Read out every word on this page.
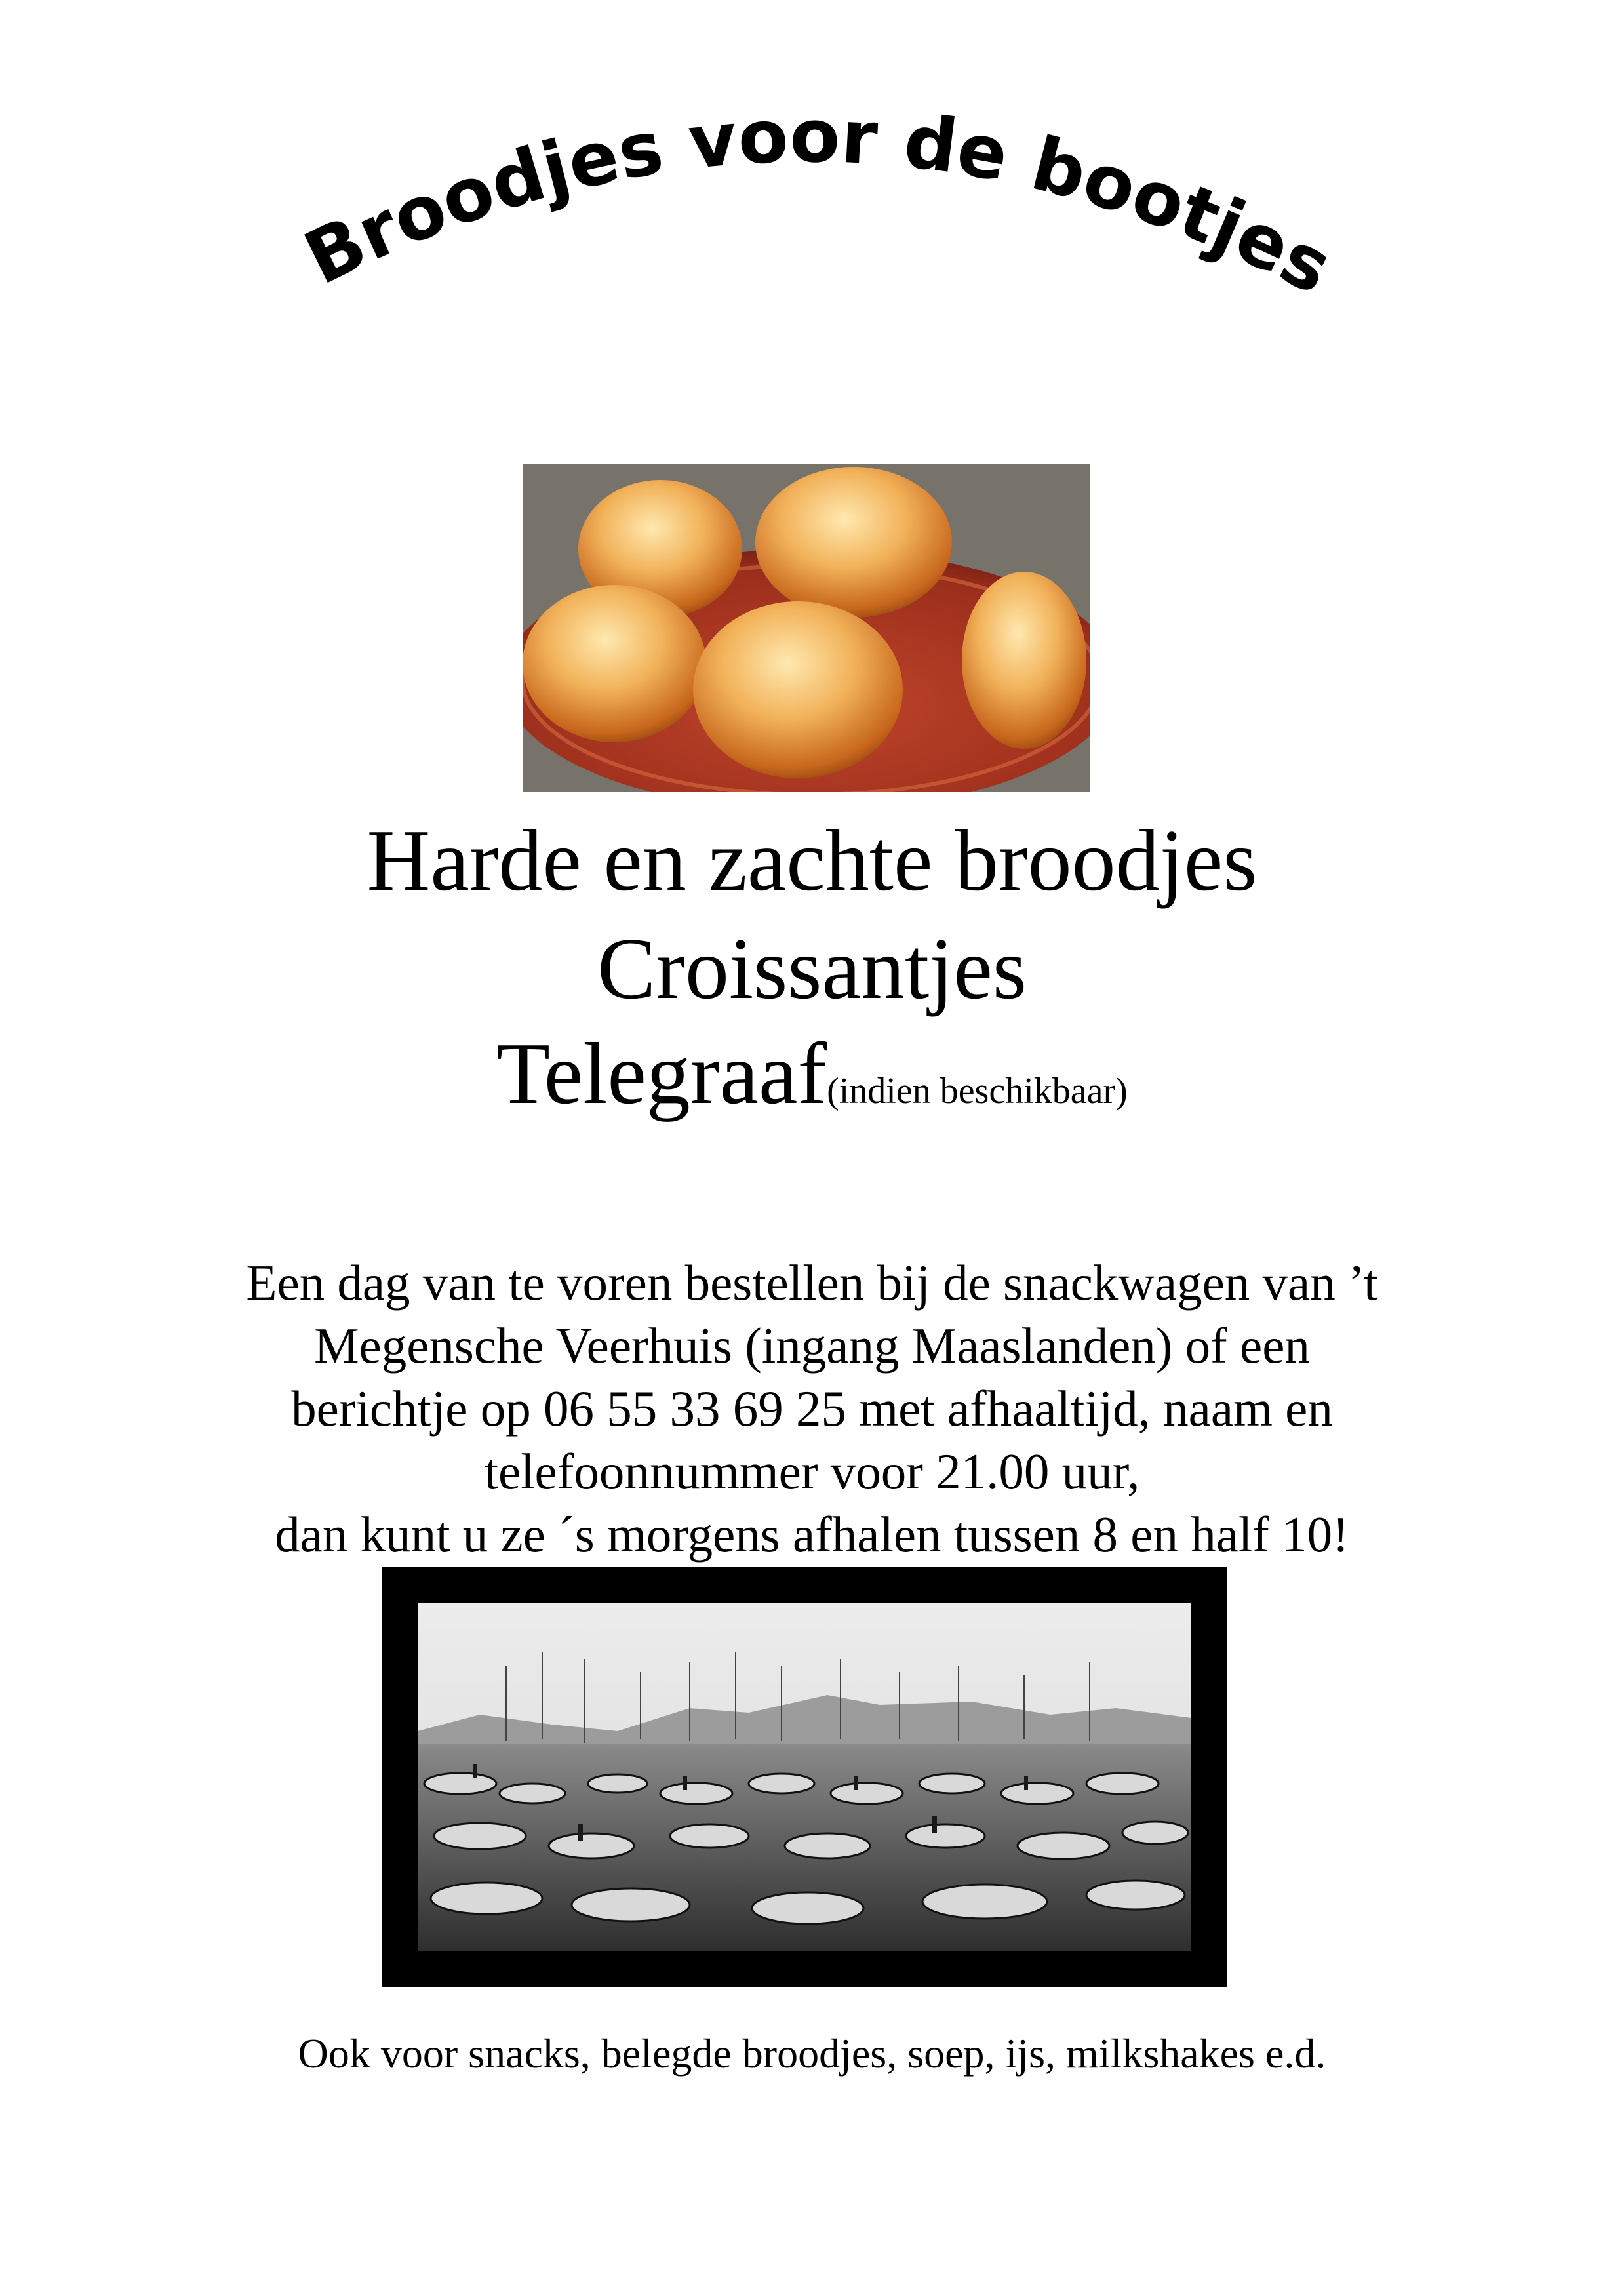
Broodjes voor de bootjes
Harde en zachte broodjes
Croissantjes
Telegraaf(indien beschikbaar)
Een dag van te voren bestellen bij de snackwagen van ’t
Megensche Veerhuis (ingang Maaslanden) of een
berichtje op 06 55 33 69 25 met afhaaltijd, naam en
telefoonnummer voor 21.00 uur,
dan kunt u ze ´s morgens afhalen tussen 8 en half 10!
Ook voor snacks, belegde broodjes, soep, ijs, milkshakes e.d.
